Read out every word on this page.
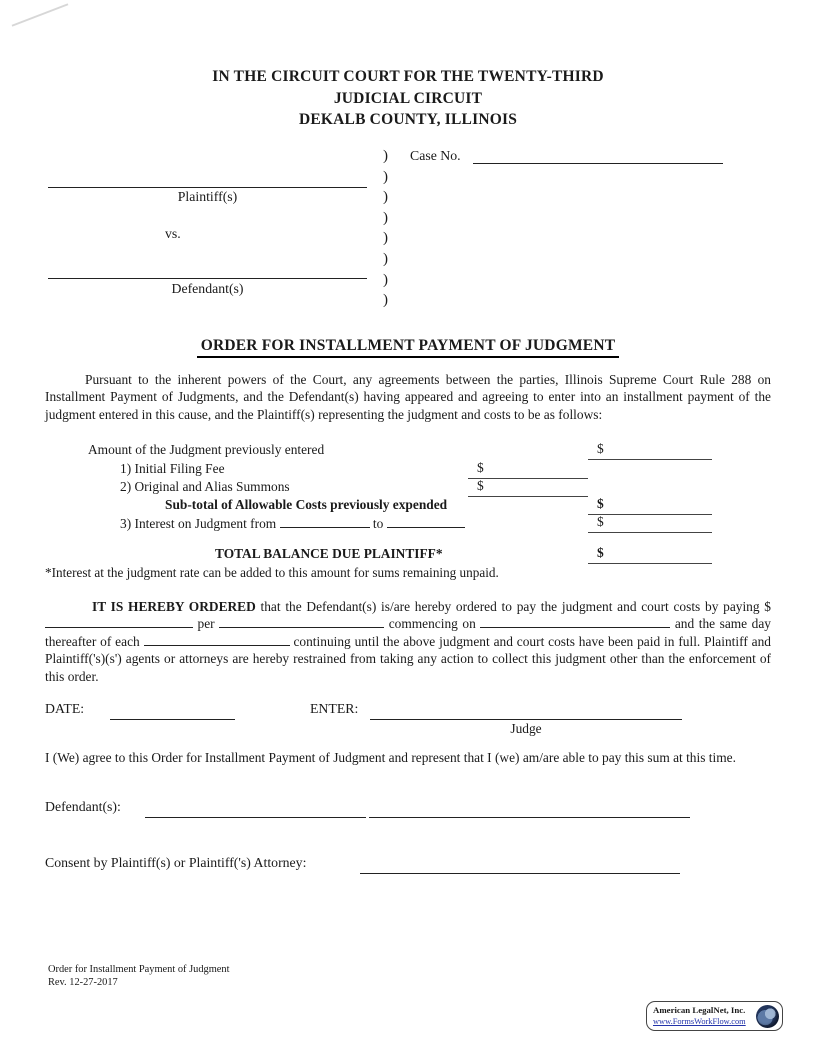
IN THE CIRCUIT COURT FOR THE TWENTY-THIRD
JUDICIAL CIRCUIT
DEKALB COUNTY, ILLINOIS
Case No.
)
)
)
)
)
)
)
)
Plaintiff(s)
vs.
Defendant(s)
ORDER FOR INSTALLMENT PAYMENT OF JUDGMENT
Pursuant to the inherent powers of the Court, any agreements between the parties, Illinois Supreme Court Rule 288 on Installment Payment of Judgments, and the Defendant(s) having appeared and agreeing to enter into an installment payment of the judgment entered in this cause, and the Plaintiff(s) representing the judgment and costs to be as follows:
Amount of the Judgment previously entered	$
1) Initial Filing Fee	$
2) Original and Alias Summons	$
Sub-total of Allowable Costs previously expended	$
3) Interest on Judgment from	to	$
TOTAL BALANCE DUE PLAINTIFF*	$
*Interest at the judgment rate can be added to this amount for sums remaining unpaid.
IT IS HEREBY ORDERED that the Defendant(s) is/are hereby ordered to pay the judgment and court costs by paying $ per	commencing on	and the same day thereafter of each	continuing until the above judgment and court costs have been paid in full. Plaintiff and Plaintiff('s)(s') agents or attorneys are hereby restrained from taking any action to collect this judgment other than the enforcement of this order.
DATE:	ENTER:
Judge
I (We) agree to this Order for Installment Payment of Judgment and represent that I (we) am/are able to pay this sum at this time.
Defendant(s):
Consent by Plaintiff(s) or Plaintiff('s) Attorney:
Order for Installment Payment of Judgment
Rev. 12-27-2017
American LegalNet, Inc.
www.FormsWorkFlow.com
